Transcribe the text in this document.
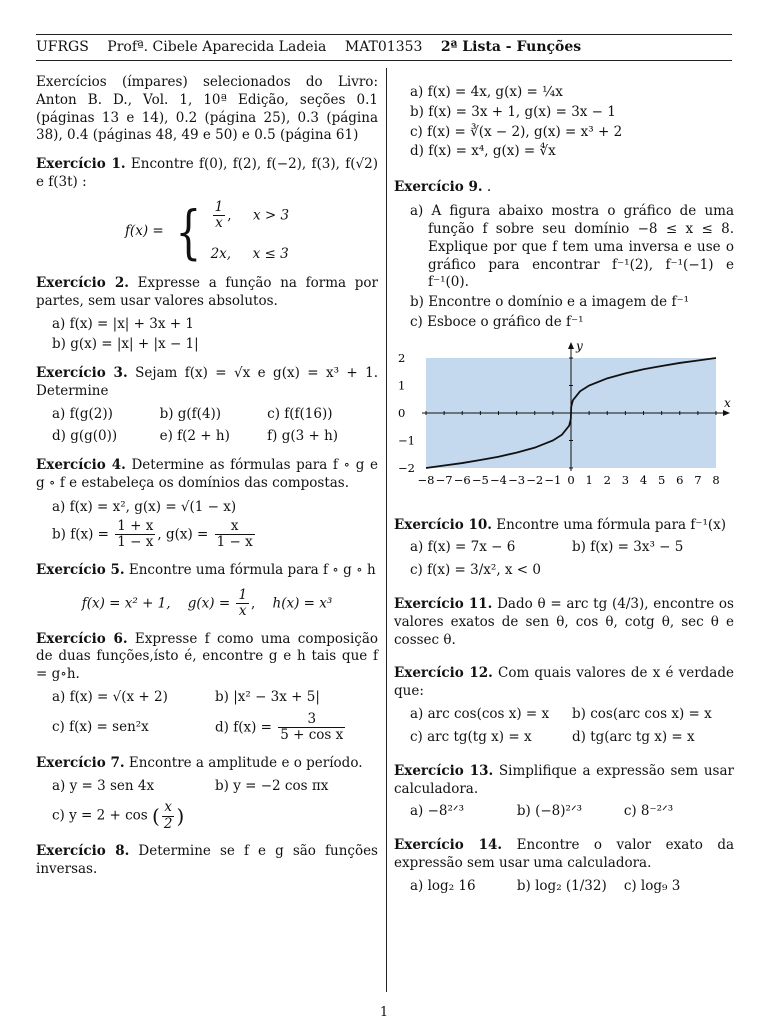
UFRGS Profª. Cibele Aparecida Ladeia MAT01353 2ª Lista - Funções

Exercícios (ímpares) selecionados do Livro: Anton B. D., Vol. 1, 10ª Edição, seções 0.1 (páginas 13 e 14), 0.2 (página 25), 0.3 (página 38), 0.4 (páginas 48, 49 e 50) e 0.5 (página 61)

Exercício 1. Encontre f(0), f(2), f(−2), f(3), f(√2) e f(3t) :
f(x) = { $\frac{1}{x}$ ,     x > 3
2x, x ≤ 3
Exercício 2. Expresse a função na forma por partes, sem usar valores absolutos.
a) f(x) = |x| + 3x + 1
b) g(x) = |x| + |x − 1|
Exercício 3. Sejam f(x) = √x e g(x) = x³ + 1. Determine
a) f(g(2))	b) g(f(4))	c) f(f(16))
d) g(g(0))	e) f(2 + h)	f) g(3 + h)
Exercício 4. Determine as fórmulas para f ∘ g e g ∘ f e estabeleça os domínios das compostas.
a) f(x) = x², g(x) = √(1 − x)
b) $f(x) = \frac{1 + x}{1 - x}$ , $g(x) = \frac{x}{1 - x}$
Exercício 5. Encontre uma fórmula para f ∘ g ∘ h
f(x) = x² + 1, $g(x) = \frac{1}{x}$ ,    h(x) = x³
Exercício 6. Expresse f como uma composição de duas funções,ísto é, encontre g e h tais que f = g∘h.
a) f(x) = √(x + 2)	b) |x² − 3x + 5|
c) f(x) = sen²x	d) $f(x) = \frac{3}{\text{5 + cos x}}$
Exercício 7. Encontre a amplitude e o período.
a) y = 3 sen 4x	b) y = −2 cos πx
c) y = 2 + cos ( $\frac{x}{2}$ )
Exercício 8. Determine se f e g são funções inversas.
a) f(x) = 4x, g(x) = ¼x
b) f(x) = 3x + 1, g(x) = 3x − 1
c) f(x) = ∛(x − 2), g(x) = x³ + 2
d) f(x) = x⁴, g(x) = ∜x
Exercício 9. .
a) A figura abaixo mostra o gráfico de uma função f sobre seu domínio −8 ≤ x ≤ 8. Explique por que f tem uma inversa e use o gráfico para encontrar f⁻¹(2), f⁻¹(−1) e f⁻¹(0).
b) Encontre o domínio e a imagem de f⁻¹
c) Esboce o gráfico de f⁻¹
x
y
−8 −7 −6 −5 −4 −3 −2 −1 0 1 2 3 4 5 6 7 8
2
1
0
−1
−2
Exercício 10. Encontre uma fórmula para f⁻¹(x)
a) f(x) = 7x − 6	b) f(x) = 3x³ − 5
c) f(x) = 3/x², x < 0
Exercício 11. Dado θ = arc tg (4/3), encontre os valores exatos de sen θ, cos θ, cotg θ, sec θ e cossec θ.
Exercício 12. Com quais valores de x é verdade que:
a) arc cos(cos x) = x	b) cos(arc cos x) = x
c) arc tg(tg x) = x	d) tg(arc tg x) = x
Exercício 13. Simplifique a expressão sem usar calculadora.
a) −8²ᐟ³	b) (−8)²ᐟ³	c) 8⁻²ᐟ³
Exercício 14. Encontre o valor exato da expressão sem usar uma calculadora.
a) log₂ 16	b) log₂ (1/32)	c) log₉ 3
1
